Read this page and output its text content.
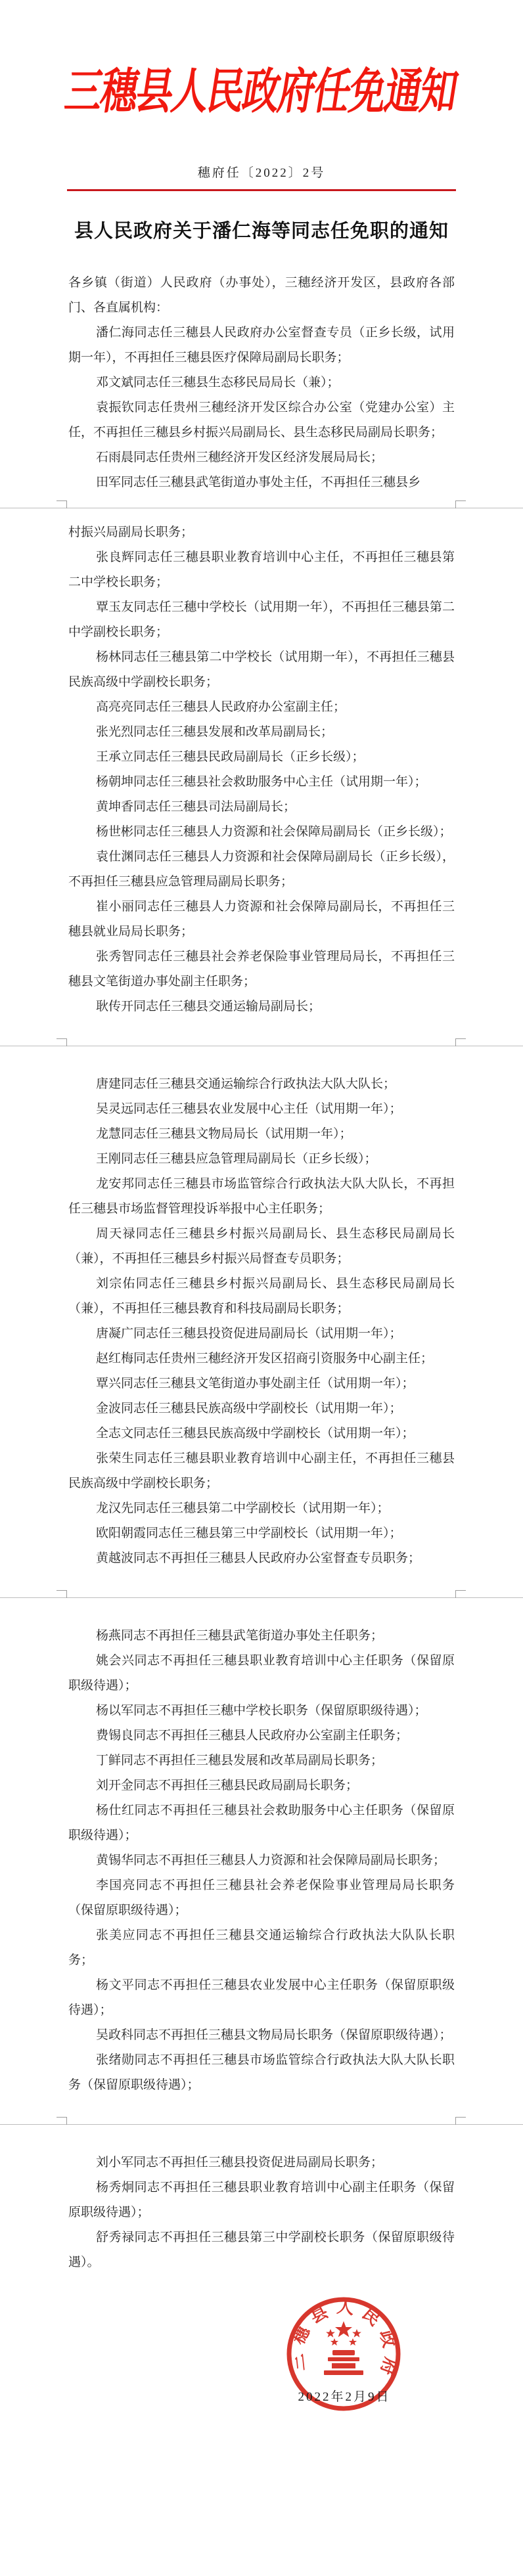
三穗县人民政府任免通知
穗府任〔2022〕2号
县人民政府关于潘仁海等同志任免职的通知

各乡镇（街道）人民政府（办事处），三穗经济开发区，县政府各部门、各直属机构：

潘仁海同志任三穗县人民政府办公室督查专员（正乡长级，试用期一年），不再担任三穗县医疗保障局副局长职务；

邓文斌同志任三穗县生态移民局局长（兼）；

袁振钦同志任贵州三穗经济开发区综合办公室（党建办公室）主任，不再担任三穗县乡村振兴局副局长、县生态移民局副局长职务；

石雨晨同志任贵州三穗经济开发区经济发展局局长；

田军同志任三穗县武笔街道办事处主任，不再担任三穗县乡

村振兴局副局长职务；

张良辉同志任三穗县职业教育培训中心主任，不再担任三穗县第二中学校长职务；

覃玉友同志任三穗中学校长（试用期一年），不再担任三穗县第二中学副校长职务；

杨林同志任三穗县第二中学校长（试用期一年），不再担任三穗县民族高级中学副校长职务；

高亮亮同志任三穗县人民政府办公室副主任；

张光烈同志任三穗县发展和改革局副局长；

王承立同志任三穗县民政局副局长（正乡长级）；

杨朝坤同志任三穗县社会救助服务中心主任（试用期一年）；

黄坤香同志任三穗县司法局副局长；

杨世彬同志任三穗县人力资源和社会保障局副局长（正乡长级）；

袁仕渊同志任三穗县人力资源和社会保障局副局长（正乡长级），不再担任三穗县应急管理局副局长职务；

崔小丽同志任三穗县人力资源和社会保障局副局长，不再担任三穗县就业局局长职务；

张秀智同志任三穗县社会养老保险事业管理局局长，不再担任三穗县文笔街道办事处副主任职务；

耿传开同志任三穗县交通运输局副局长；

唐建同志任三穗县交通运输综合行政执法大队大队长；

吴灵远同志任三穗县农业发展中心主任（试用期一年）；

龙慧同志任三穗县文物局局长（试用期一年）；

王刚同志任三穗县应急管理局副局长（正乡长级）；

龙安邦同志任三穗县市场监管综合行政执法大队大队长，不再担任三穗县市场监督管理投诉举报中心主任职务；

周天禄同志任三穗县乡村振兴局副局长、县生态移民局副局长（兼），不再担任三穗县乡村振兴局督查专员职务；

刘宗佑同志任三穗县乡村振兴局副局长、县生态移民局副局长（兼），不再担任三穗县教育和科技局副局长职务；

唐凝广同志任三穗县投资促进局副局长（试用期一年）；

赵红梅同志任贵州三穗经济开发区招商引资服务中心副主任；

覃兴同志任三穗县文笔街道办事处副主任（试用期一年）；

金波同志任三穗县民族高级中学副校长（试用期一年）；

全志文同志任三穗县民族高级中学副校长（试用期一年）；

张荣生同志任三穗县职业教育培训中心副主任，不再担任三穗县民族高级中学副校长职务；

龙汉先同志任三穗县第二中学副校长（试用期一年）；

欧阳朝霞同志任三穗县第三中学副校长（试用期一年）；

黄越波同志不再担任三穗县人民政府办公室督查专员职务；

杨燕同志不再担任三穗县武笔街道办事处主任职务；

姚会兴同志不再担任三穗县职业教育培训中心主任职务（保留原职级待遇）；

杨以军同志不再担任三穗中学校长职务（保留原职级待遇）；

费锡良同志不再担任三穗县人民政府办公室副主任职务；

丁鲜同志不再担任三穗县发展和改革局副局长职务；

刘开金同志不再担任三穗县民政局副局长职务；

杨仕红同志不再担任三穗县社会救助服务中心主任职务（保留原职级待遇）；

黄锡华同志不再担任三穗县人力资源和社会保障局副局长职务；

李国亮同志不再担任三穗县社会养老保险事业管理局局长职务（保留原职级待遇）；

张美应同志不再担任三穗县交通运输综合行政执法大队队长职务；

杨文平同志不再担任三穗县农业发展中心主任职务（保留原职级待遇）；

吴政科同志不再担任三穗县文物局局长职务（保留原职级待遇）；

张绪勋同志不再担任三穗县市场监管综合行政执法大队大队长职务（保留原职级待遇）；

刘小军同志不再担任三穗县投资促进局副局长职务；

杨秀炯同志不再担任三穗县职业教育培训中心副主任职务（保留原职级待遇）；

舒秀禄同志不再担任三穗县第三中学副校长职务（保留原职级待遇）。

三穗县人民政府
2022年2月9日
